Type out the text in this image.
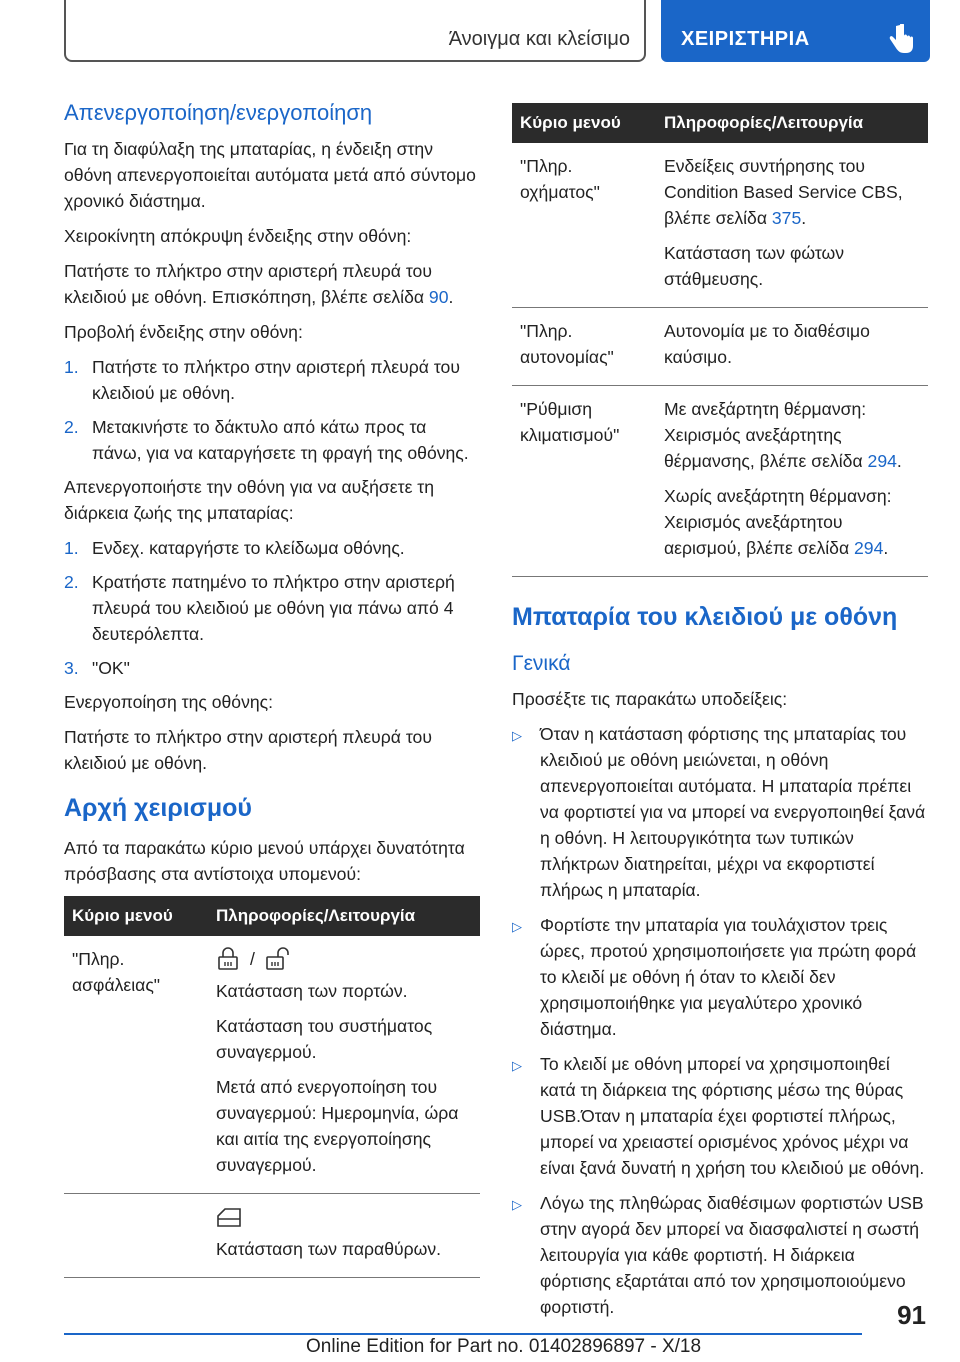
Άνοιγμα και κλείσιμο	ΧΕΙΡΙΣΤΗΡΙΑ
Απενεργοποίηση/ενεργοποίηση

Για τη διαφύλαξη της μπαταρίας, η ένδειξη στην οθόνη απενεργοποιείται αυτόματα μετά από σύντομο χρονικό διάστημα.

Χειροκίνητη απόκρυψη ένδειξης στην οθόνη:

Πατήστε το πλήκτρο στην αριστερή πλευρά του κλειδιού με οθόνη. Επισκόπηση, βλέπε σελίδα 90.

Προβολή ένδειξης στην οθόνη:

1. Πατήστε το πλήκτρο στην αριστερή πλευρά του κλειδιού με οθόνη.
2. Μετακινήστε το δάκτυλο από κάτω προς τα πάνω, για να καταργήσετε τη φραγή της οθόνης.

Απενεργοποιήστε την οθόνη για να αυξήσετε τη διάρκεια ζωής της μπαταρίας:

1. Ενδεχ. καταργήστε το κλείδωμα οθόνης.
2. Κρατήστε πατημένο το πλήκτρο στην αριστερή πλευρά του κλειδιού με οθόνη για πάνω από 4 δευτερόλεπτα.
3. "OK"

Ενεργοποίηση της οθόνης:

Πατήστε το πλήκτρο στην αριστερή πλευρά του κλειδιού με οθόνη.

Αρχή χειρισμού

Από τα παρακάτω κύριο μενού υπάρχει δυνατότητα πρόσβασης στα αντίστοιχα υπομενού:

Κύριο μενού	Πληροφορίες/Λειτουργία
"Πληρ. ασφάλειας"	/

Κατάσταση των πορτών.

Κατάσταση του συστήματος συναγερμού.

Μετά από ενεργοποίηση του συναγερμού: Ημερομηνία, ώρα και αιτία της ενεργοποίησης συναγερμού.

	Κατάσταση των παραθύρων.

Κύριο μενού	Πληροφορίες/Λειτουργία
"Πληρ. οχήματος"	Ενδείξεις συντήρησης του Condition Based Service CBS, βλέπε σελίδα 375.

Κατάσταση των φώτων στάθμευσης.

"Πληρ. αυτονομίας"	Αυτονομία με το διαθέσιμο καύσιμο.

"Ρύθμιση κλιματισμού"	Με ανεξάρτητη θέρμανση: Χειρισμός ανεξάρτητης θέρμανσης, βλέπε σελίδα 294.

Χωρίς ανεξάρτητη θέρμανση: Χειρισμός ανεξάρτητου αερισμού, βλέπε σελίδα 294.

Μπαταρία του κλειδιού με οθόνη
Γενικά

Προσέξτε τις παρακάτω υποδείξεις:

▷ Όταν η κατάσταση φόρτισης της μπαταρίας του κλειδιού με οθόνη μειώνεται, η οθόνη απενεργοποιείται αυτόματα. Η μπαταρία πρέπει να φορτιστεί για να μπορεί να ενεργοποιηθεί ξανά η οθόνη. Η λειτουργικότητα των τυπικών πλήκτρων διατηρείται, μέχρι να εκφορτιστεί πλήρως η μπαταρία.
▷ Φορτίστε την μπαταρία για τουλάχιστον τρεις ώρες, προτού χρησιμοποιήσετε για πρώτη φορά το κλειδί με οθόνη ή όταν το κλειδί δεν χρησιμοποιήθηκε για μεγαλύτερο χρονικό διάστημα.
▷ Το κλειδί με οθόνη μπορεί να χρησιμοποιηθεί κατά τη διάρκεια της φόρτισης μέσω της θύρας USB.Όταν η μπαταρία έχει φορτιστεί πλήρως, μπορεί να χρειαστεί ορισμένος χρόνος μέχρι να είναι ξανά δυνατή η χρήση του κλειδιού με οθόνη.
▷ Λόγω της πληθώρας διαθέσιμων φορτιστών USB στην αγορά δεν μπορεί να διασφαλιστεί η σωστή λειτουργία για κάθε φορτιστή. Η διάρκεια φόρτισης εξαρτάται από τον χρησιμοποιούμενο φορτιστή.	91
Online Edition for Part no. 01402896897 - X/18
